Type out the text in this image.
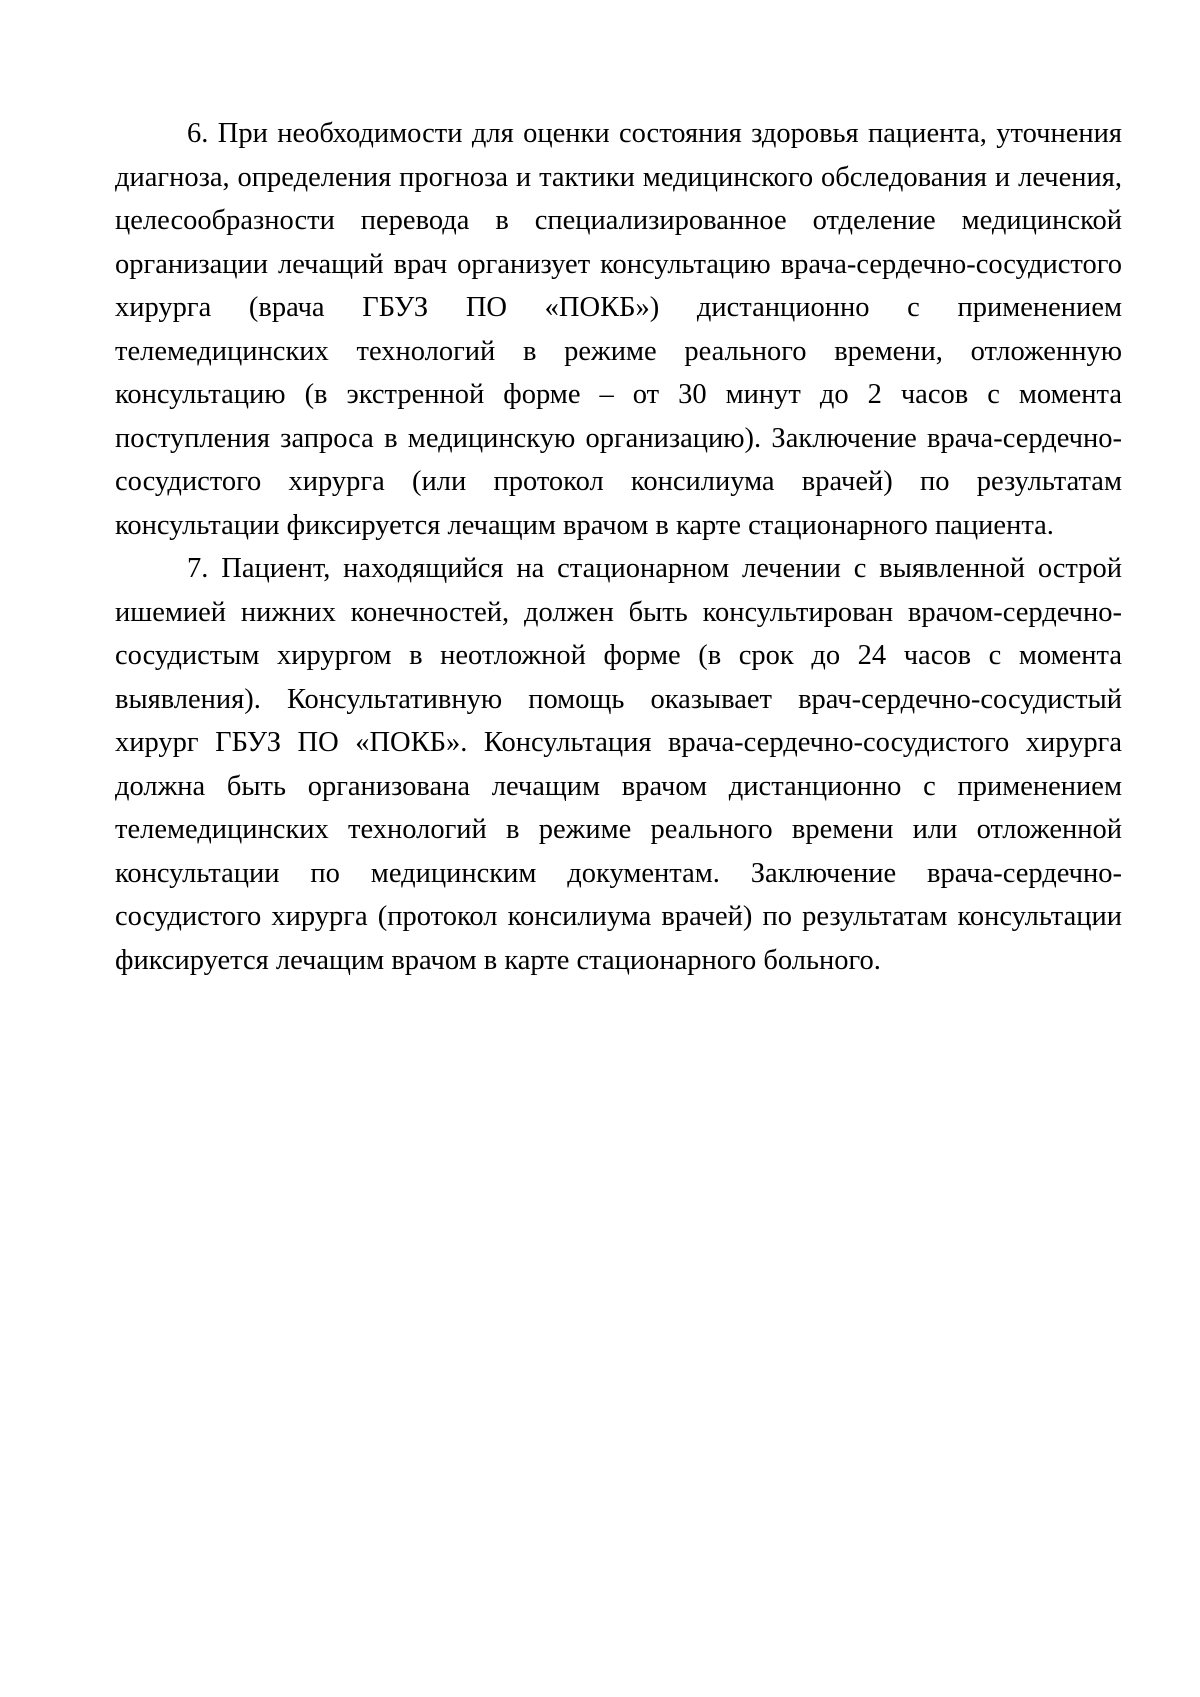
6. При необходимости для оценки состояния здоровья пациента, уточнения диагноза, определения прогноза и тактики медицинского обследования и лечения, целесообразности перевода в специализированное отделение медицинской организации лечащий врач организует консультацию врача-сердечно-сосудистого хирурга (врача ГБУЗ ПО «ПОКБ») дистанционно с применением телемедицинских технологий в режиме реального времени, отложенную консультацию (в экстренной форме – от 30 минут до 2 часов с момента поступления запроса в медицинскую организацию). Заключение врача-сердечно-сосудистого хирурга (или протокол консилиума врачей) по результатам консультации фиксируется лечащим врачом в карте стационарного пациента.

7. Пациент, находящийся на стационарном лечении с выявленной острой ишемией нижних конечностей, должен быть консультирован врачом-сердечно-сосудистым хирургом в неотложной форме (в срок до 24 часов с момента выявления). Консультативную помощь оказывает врач-сердечно-сосудистый хирург ГБУЗ ПО «ПОКБ». Консультация врача-сердечно-сосудистого хирурга должна быть организована лечащим врачом дистанционно с применением телемедицинских технологий в режиме реального времени или отложенной консультации по медицинским документам. Заключение врача-сердечно-сосудистого хирурга (протокол консилиума врачей) по результатам консультации фиксируется лечащим врачом в карте стационарного больного.
